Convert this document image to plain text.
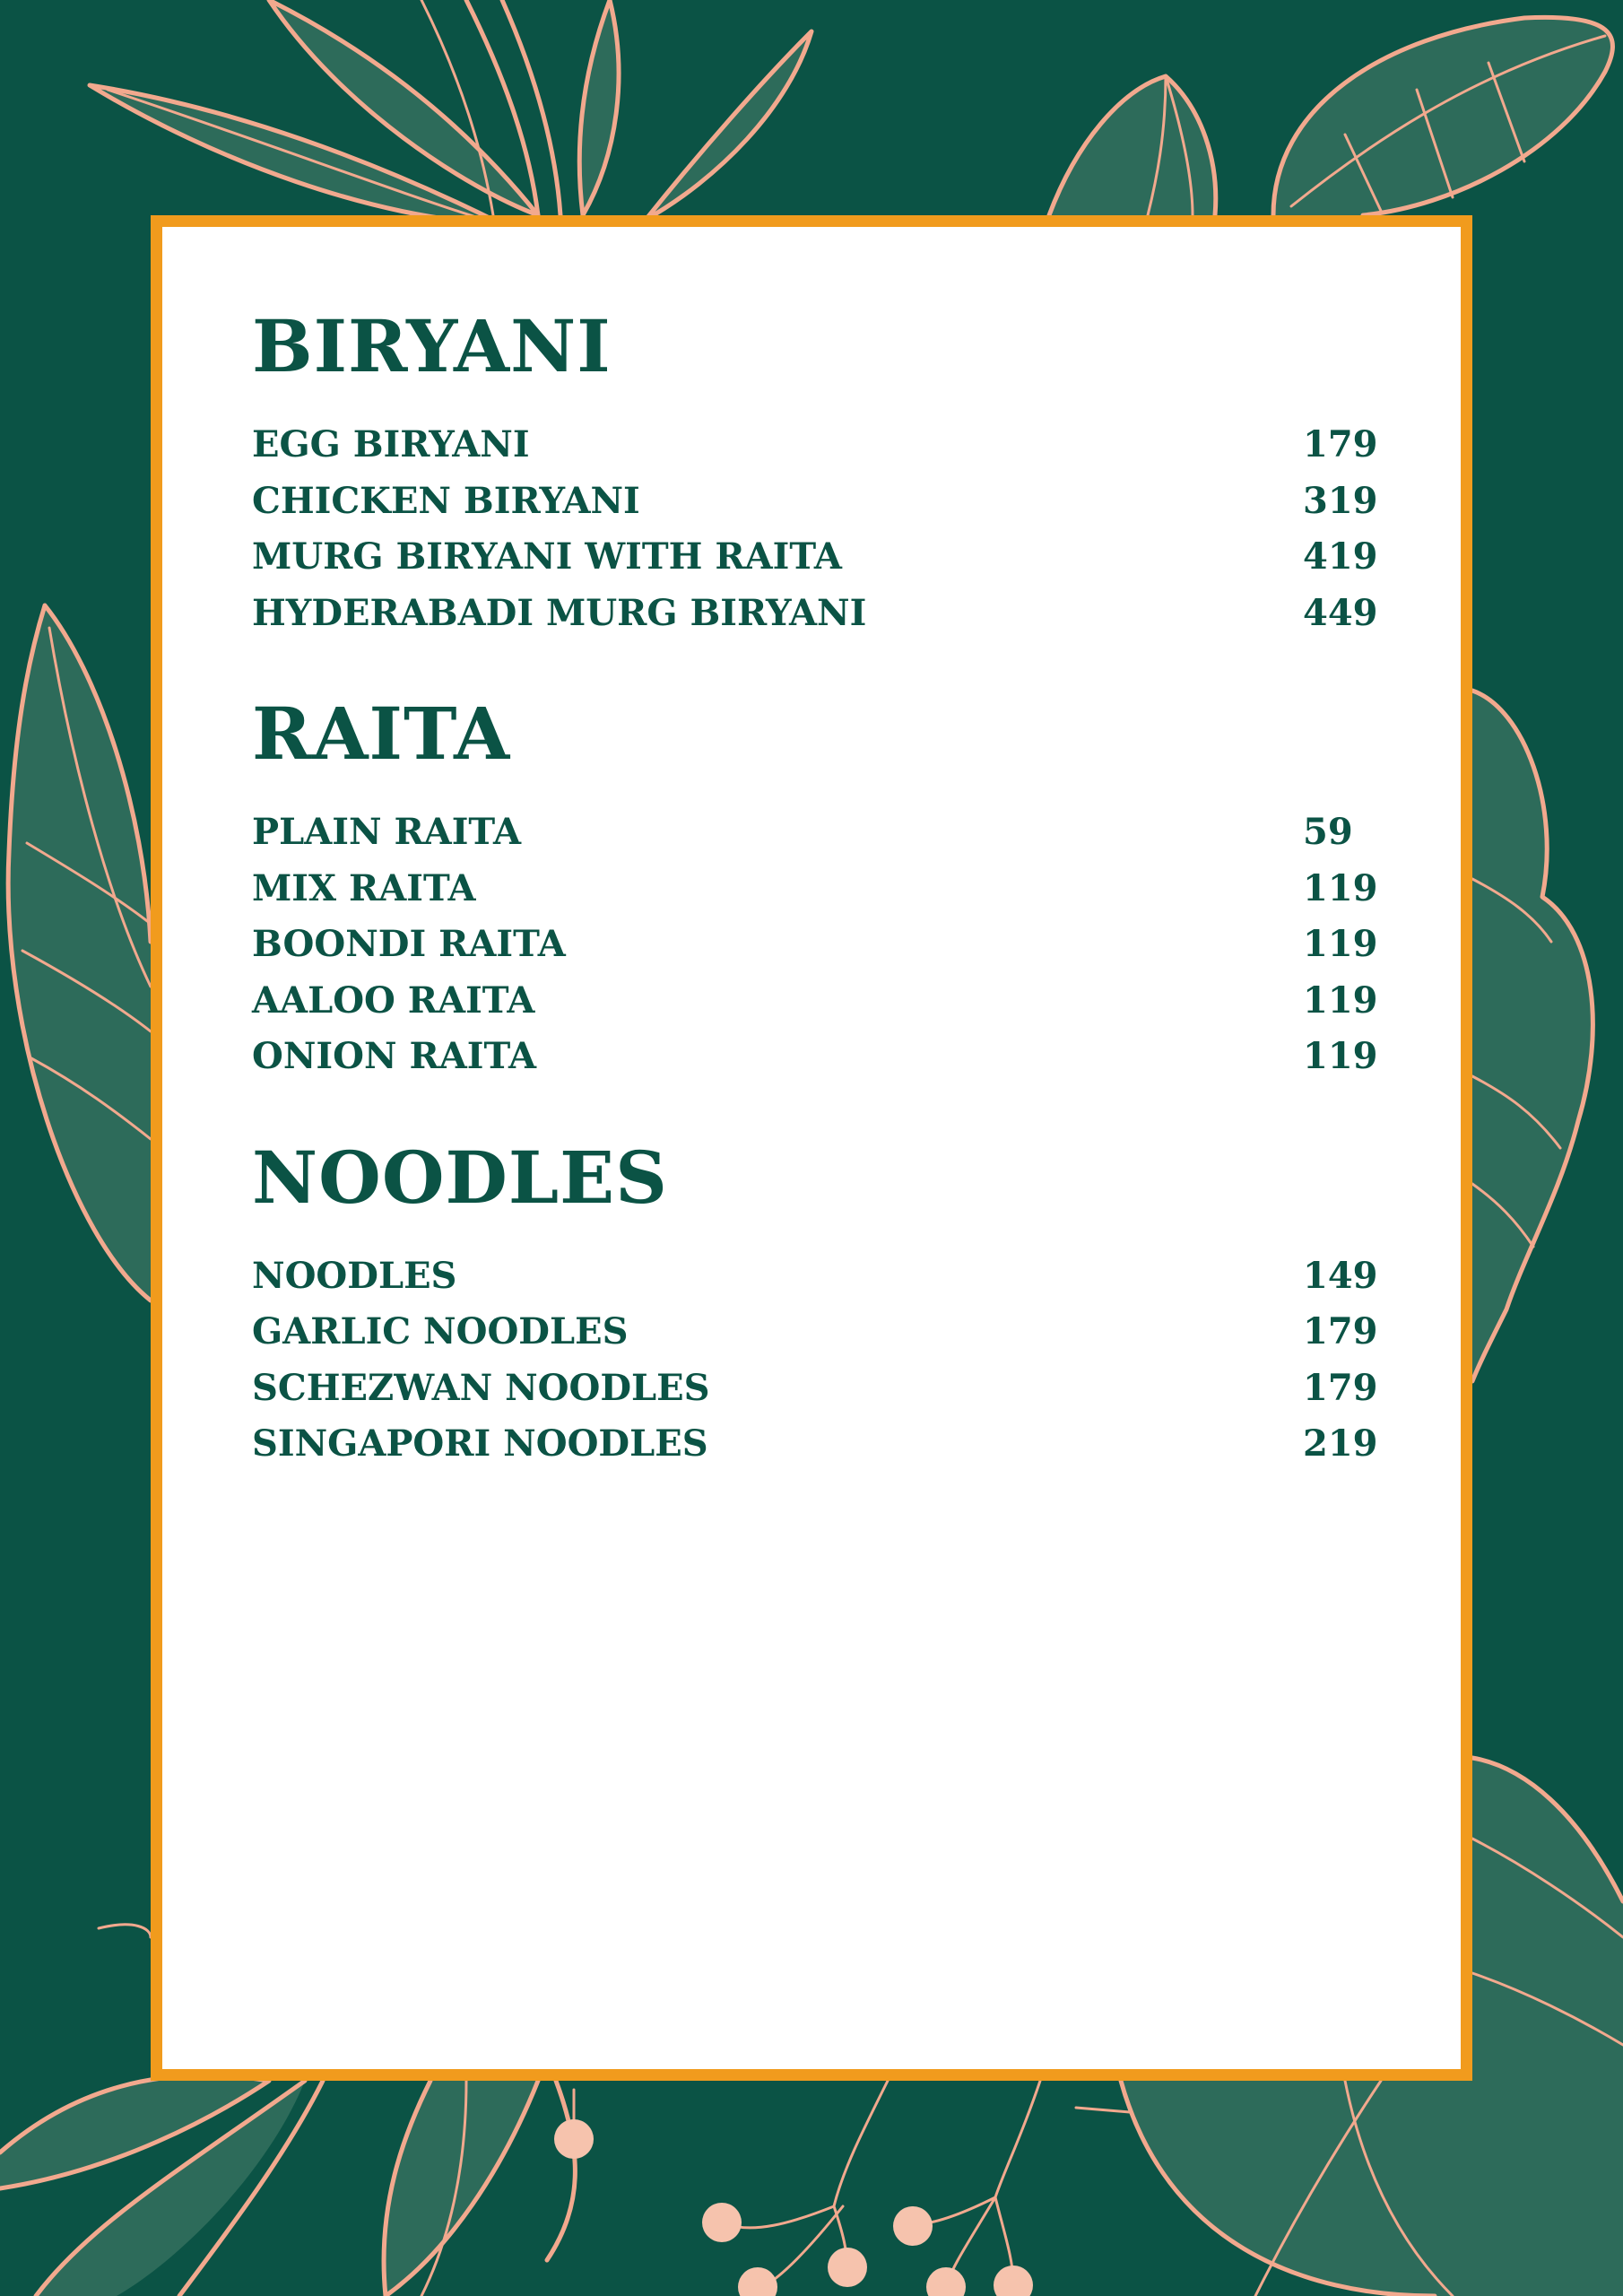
BIRYANI
EGG BIRYANI	179
CHICKEN BIRYANI	319
MURG BIRYANI WITH RAITA	419
HYDERABADI MURG BIRYANI	449
RAITA
PLAIN RAITA	59
MIX RAITA	119
BOONDI RAITA	119
AALOO RAITA	119
ONION RAITA	119
NOODLES
NOODLES	149
GARLIC NOODLES	179
SCHEZWAN NOODLES	179
SINGAPORI NOODLES	219
